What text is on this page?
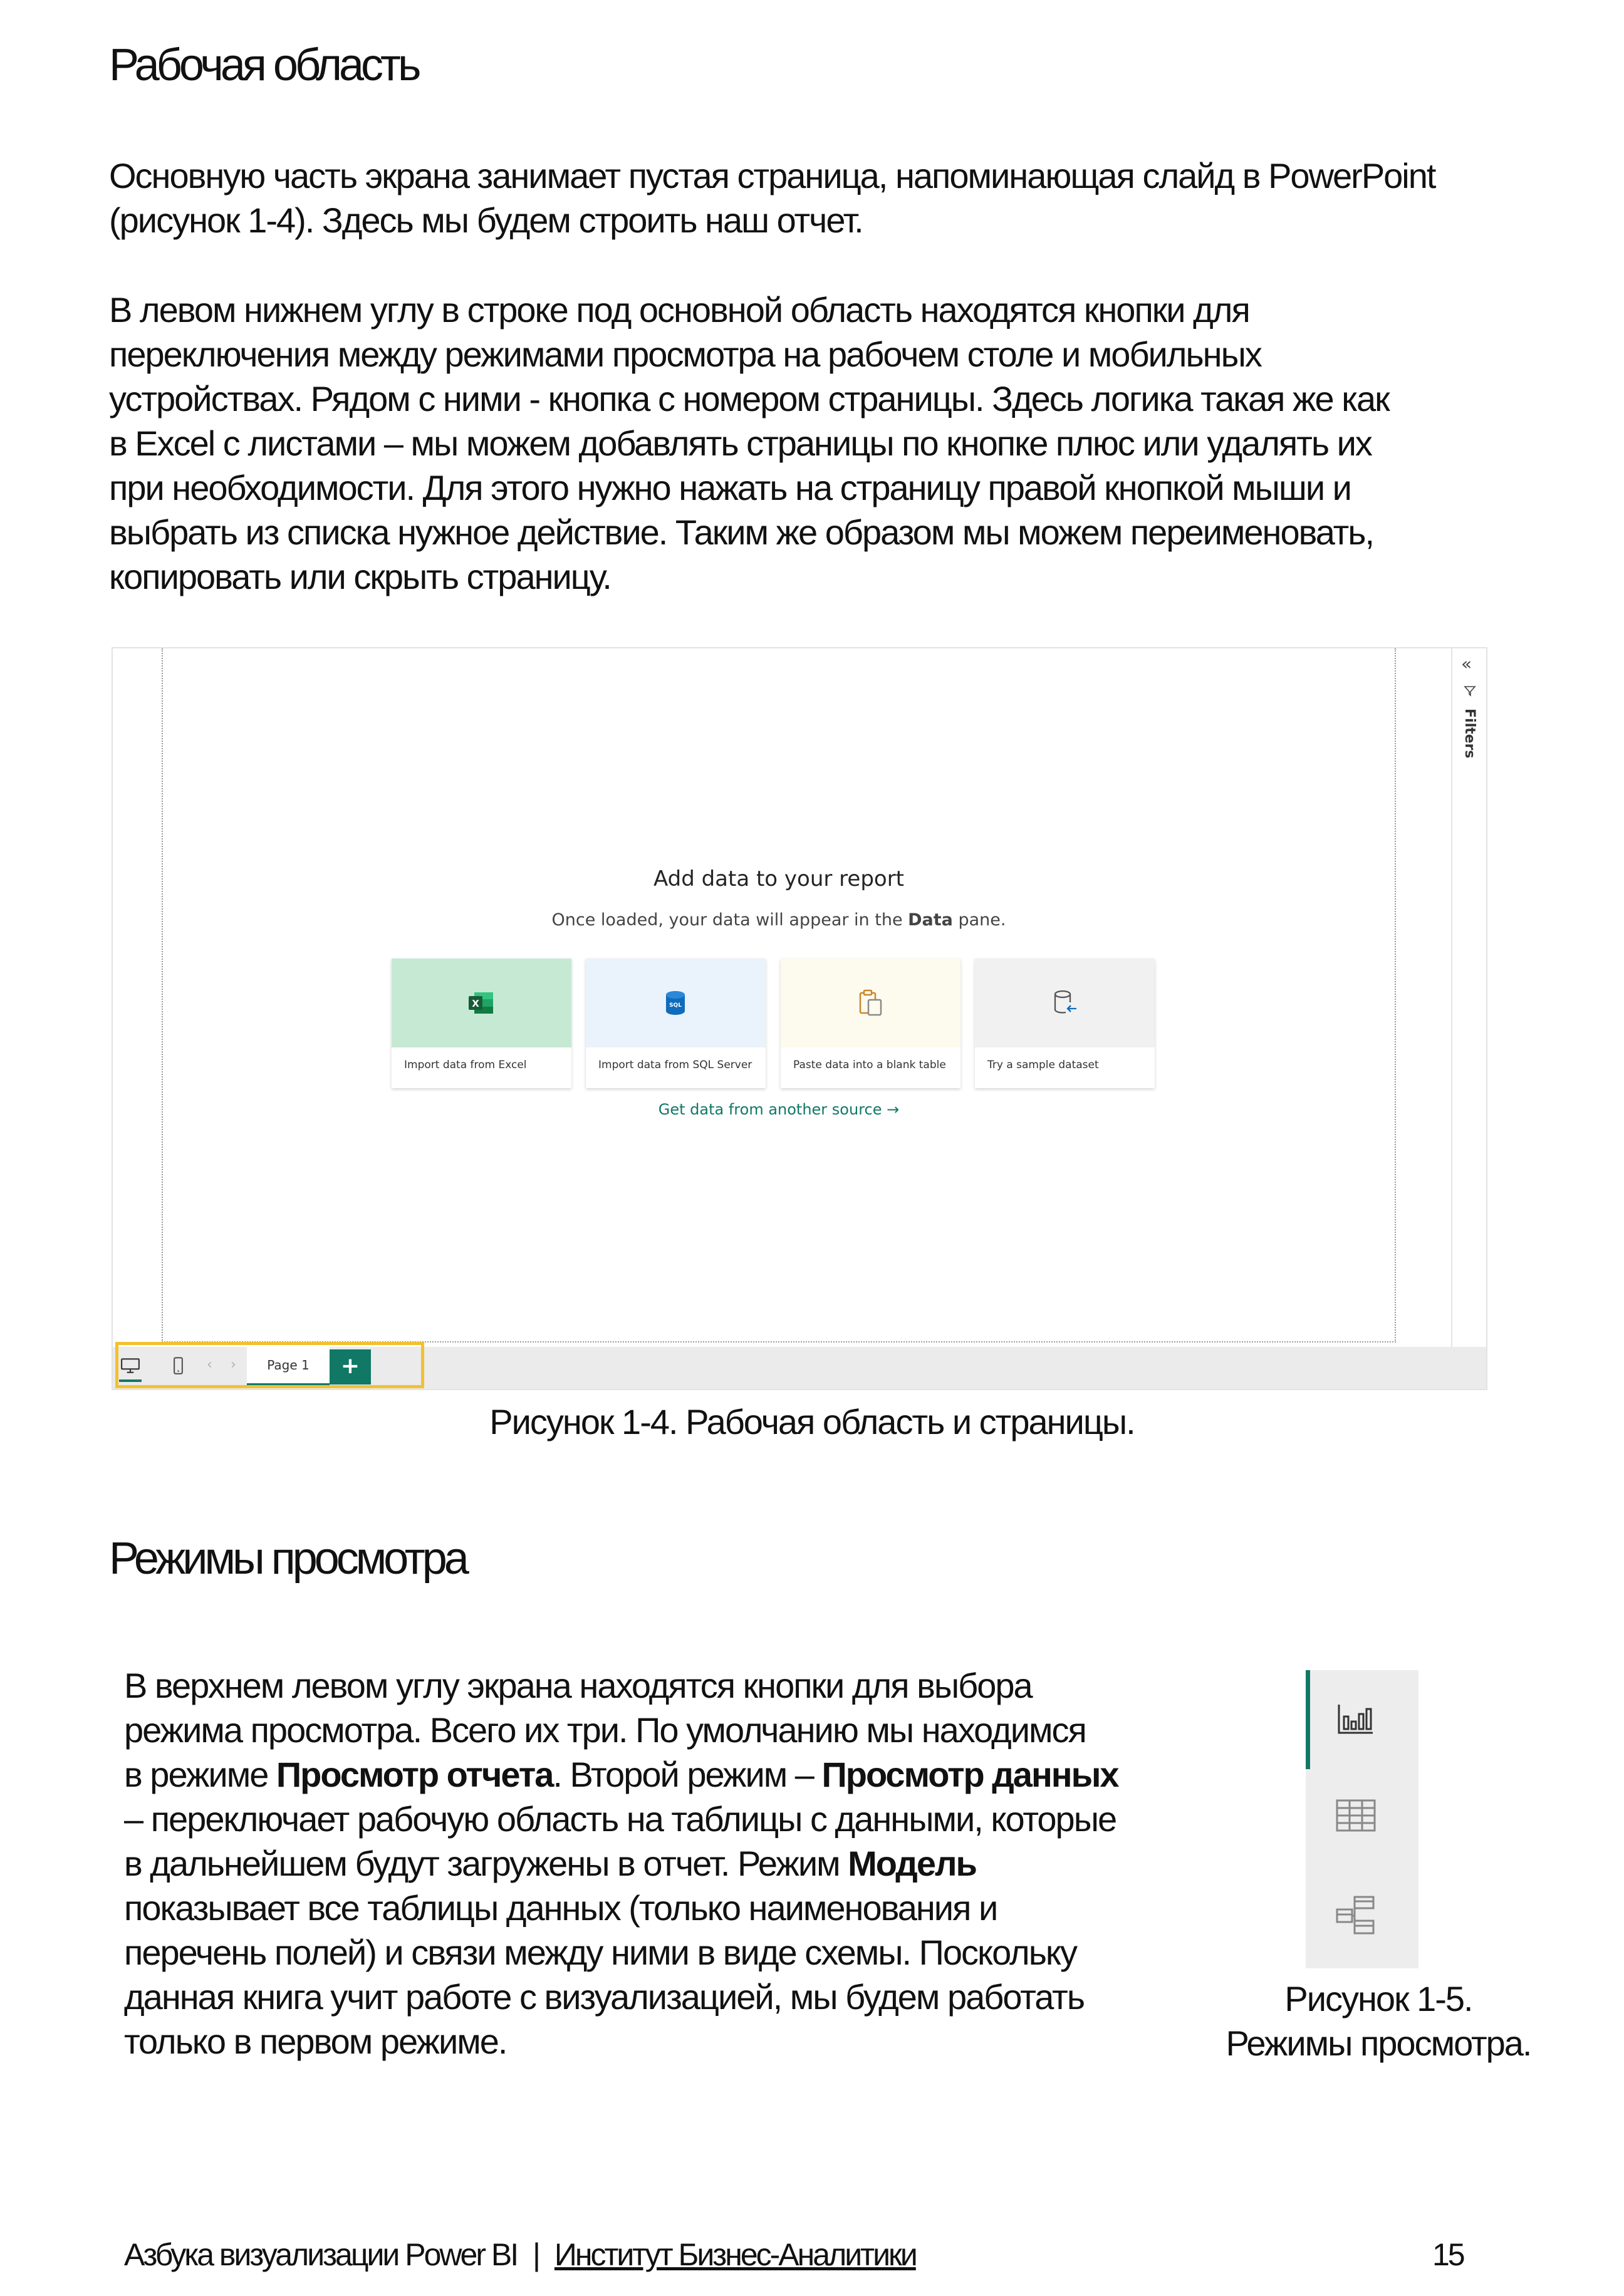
Рабочая область

Основную часть экрана занимает пустая страница, напоминающая слайд в PowerPoint

(рисунок 1-4). Здесь мы будем строить наш отчет.

В левом нижнем углу в строке под основной область находятся кнопки для

переключения между режимами просмотра на рабочем столе и мобильных

устройствах. Рядом с ними - кнопка с номером страницы. Здесь логика такая же как

в Excel с листами – мы можем добавлять страницы по кнопке плюс или удалять их

при необходимости. Для этого нужно нажать на страницу правой кнопкой мыши и

выбрать из списка нужное действие. Таким же образом мы можем переименовать,

копировать или скрыть страницу.

Add data to your report
Once loaded, your data will appear in the Data pane.
X
Import data from Excel
SQL
Import data from SQL Server	Paste data into a blank table	Try a sample dataset
Get data from another source →
«
Filters
‹ ›	Page 1	+
Рисунок 1-4. Рабочая область и страницы.
Режимы просмотра

В верхнем левом углу экрана находятся кнопки для выбора

режима просмотра. Всего их три. По умолчанию мы находимся

в режиме Просмотр отчета. Второй режим – Просмотр данных

– переключает рабочую область на таблицы с данными, которые

в дальнейшем будут загружены в отчет. Режим Модель

показывает все таблицы данных (только наименования и

перечень полей) и связи между ними в виде схемы. Поскольку

данная книга учит работе с визуализацией, мы будем работать

только в первом режиме.

Рисунок 1-5.
Режимы просмотра.
Азбука визуализации Power BI | Институт Бизнес-Аналитики	15
